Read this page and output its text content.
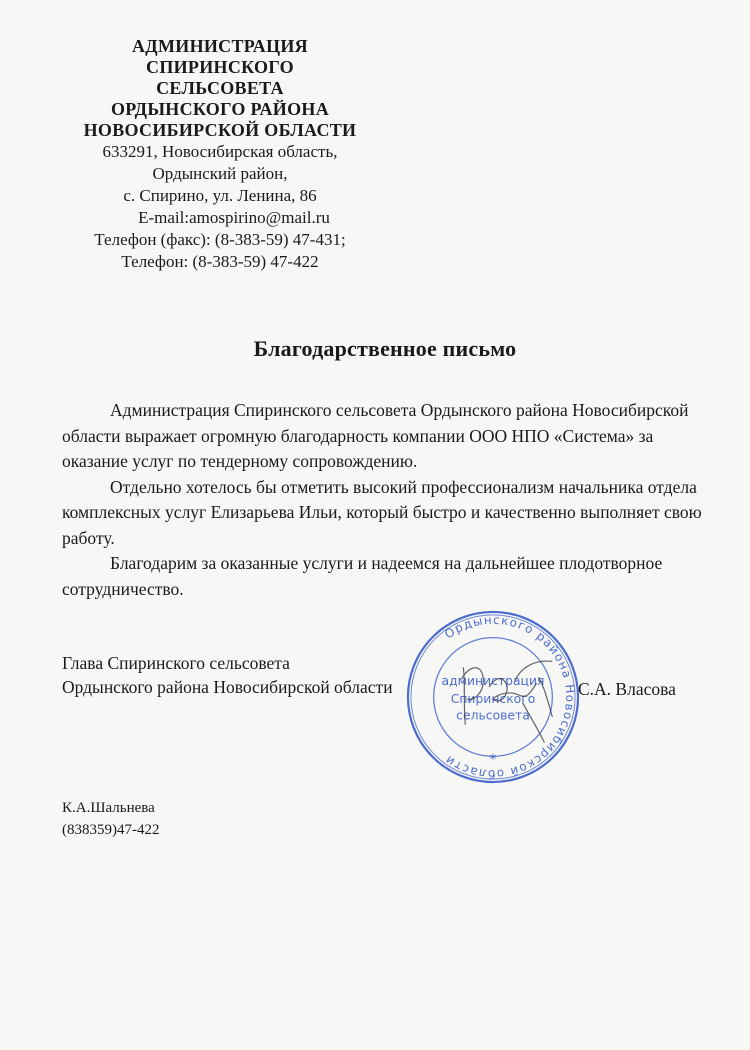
АДМИНИСТРАЦИЯ
СПИРИНСКОГО
СЕЛЬСОВЕТА
ОРДЫНСКОГО РАЙОНА
НОВОСИБИРСКОЙ ОБЛАСТИ
633291, Новосибирская область,
Ордынский район,
с. Спирино, ул. Ленина, 86
E-mail:amospirino@mail.ru
Телефон (факс): (8-383-59) 47-431;
Телефон: (8-383-59) 47-422
Благодарственное письмо

Администрация Спиринского сельсовета Ордынского района Новосибирской области выражает огромную благодарность компании ООО НПО «Система» за оказание услуг по тендерному сопровождению.

Отдельно хотелось бы отметить высокий профессионализм начальника отдела комплексных услуг Елизарьева Ильи, который быстро и качественно выполняет свою работу.

Благодарим за оказанные услуги и надеемся на дальнейшее плодотворное сотрудничество.

Ордынского района Новосибирской области
администрация
Спиринского
сельсовета
*
Глава Спиринского сельсовета
Ордынского района Новосибирской области	С.А. Власова
К.А.Шальнева
(838359)47-422
